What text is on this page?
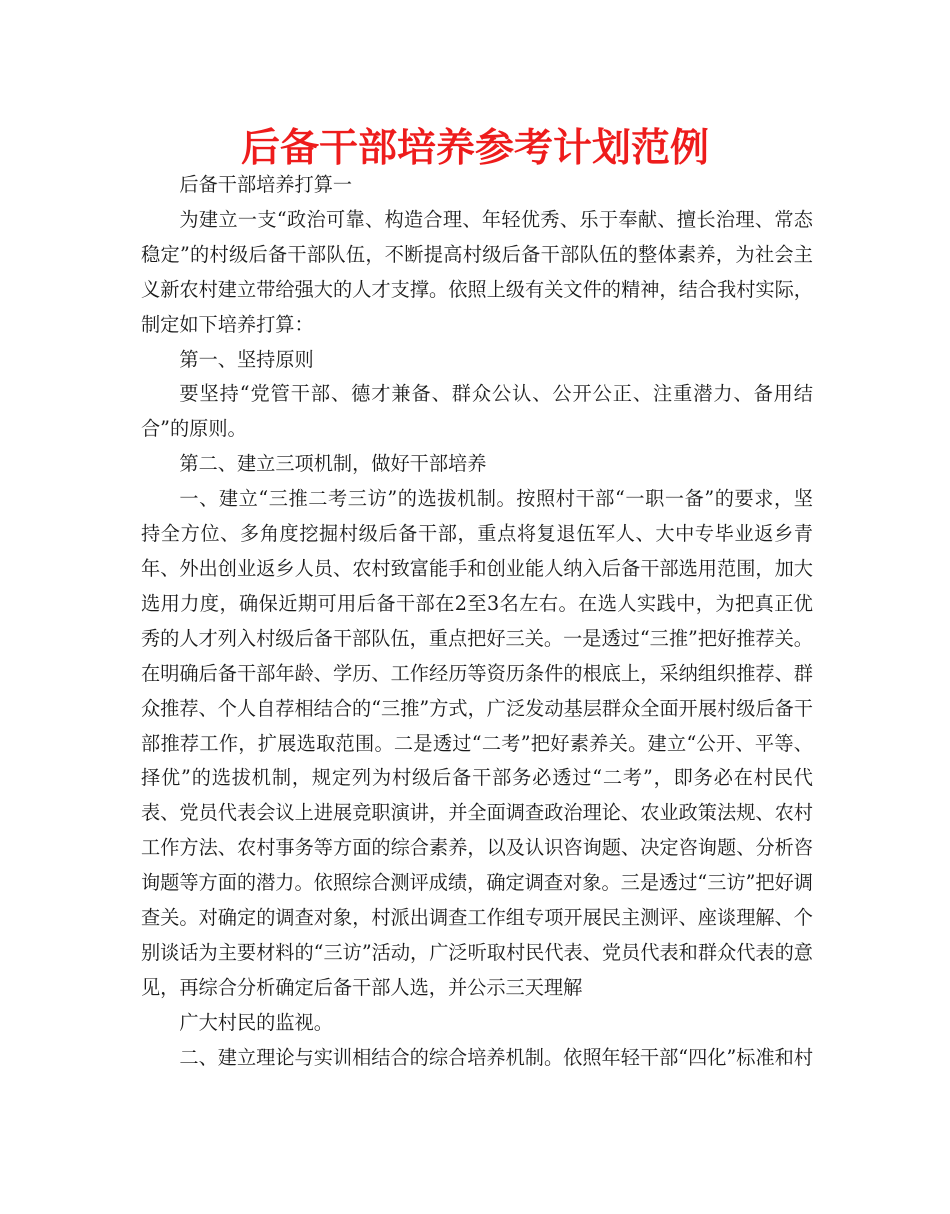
后备干部培养参考计划范例

后备干部培养打算一

为建立一支“政治可靠、构造合理、年轻优秀、乐于奉献、擅长治理、常态稳定”的村级后备干部队伍，不断提高村级后备干部队伍的整体素养，为社会主义新农村建立带给强大的人才支撑。依照上级有关文件的精神，结合我村实际，制定如下培养打算：

第一、坚持原则

要坚持“党管干部、德才兼备、群众公认、公开公正、注重潜力、备用结合”的原则。

第二、建立三项机制，做好干部培养

一、建立“三推二考三访”的选拔机制。按照村干部“一职一备”的要求，坚持全方位、多角度挖掘村级后备干部，重点将复退伍军人、大中专毕业返乡青年、外出创业返乡人员、农村致富能手和创业能人纳入后备干部选用范围，加大选用力度，确保近期可用后备干部在2至3名左右。在选人实践中，为把真正优秀的人才列入村级后备干部队伍，重点把好三关。一是透过“三推”把好推荐关。在明确后备干部年龄、学历、工作经历等资历条件的根底上，采纳组织推荐、群众推荐、个人自荐相结合的“三推”方式，广泛发动基层群众全面开展村级后备干部推荐工作，扩展选取范围。二是透过“二考”把好素养关。建立“公开、平等、择优”的选拔机制，规定列为村级后备干部务必透过“二考”，即务必在村民代表、党员代表会议上进展竞职演讲，并全面调查政治理论、农业政策法规、农村工作方法、农村事务等方面的综合素养，以及认识咨询题、决定咨询题、分析咨询题等方面的潜力。依照综合测评成绩，确定调查对象。三是透过“三访”把好调查关。对确定的调查对象，村派出调查工作组专项开展民主测评、座谈理解、个别谈话为主要材料的“三访”活动，广泛听取村民代表、党员代表和群众代表的意见，再综合分析确定后备干部人选，并公示三天理解

广大村民的监视。

二、建立理论与实训相结合的综合培养机制。依照年轻干部“四化”标准和村
